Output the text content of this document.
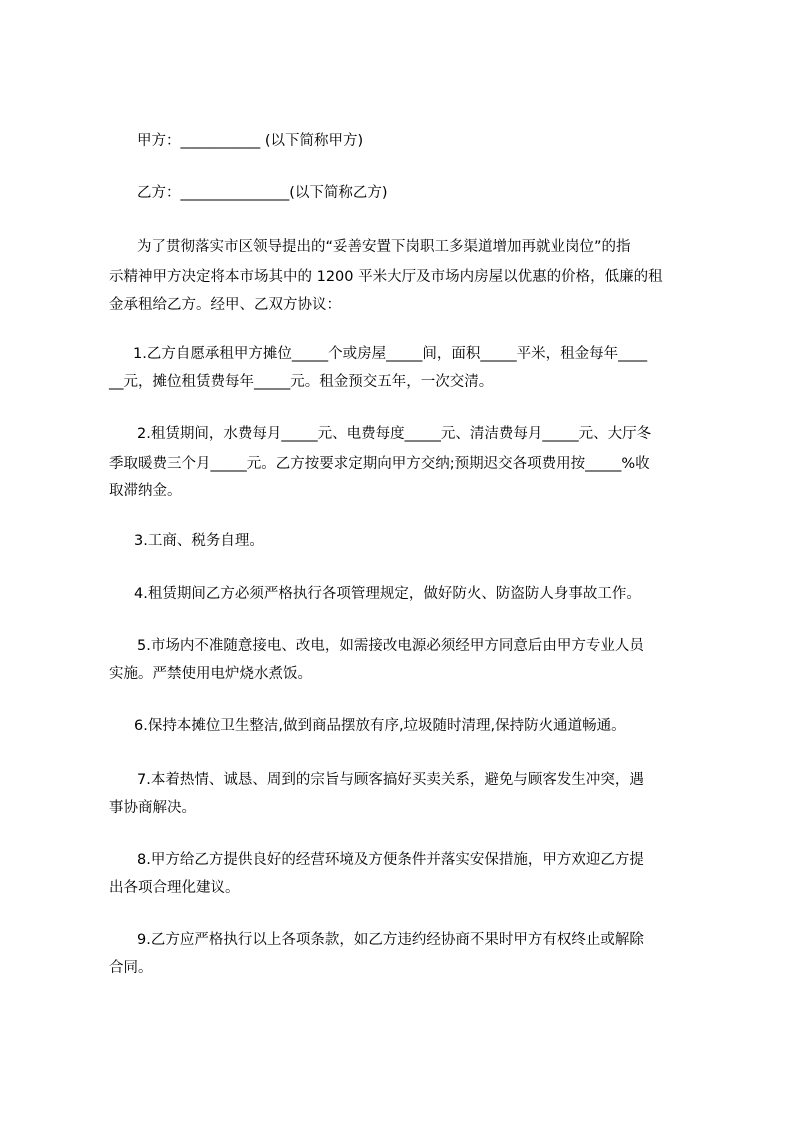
甲方：___________ (以下简称甲方)
乙方：_______________(以下简称乙方)
为了贯彻落实市区领导提出的“妥善安置下岗职工多渠道增加再就业岗位”的指
示精神甲方决定将本市场其中的 1200 平米大厅及市场内房屋以优惠的价格，低廉的租
金承租给乙方。经甲、乙双方协议：
1.乙方自愿承租甲方摊位_____个或房屋_____间，面积_____平米，租金每年____
__元，摊位租赁费每年_____元。租金预交五年，一次交清。
2.租赁期间，水费每月_____元、电费每度_____元、清洁费每月_____元、大厅冬
季取暖费三个月_____元。乙方按要求定期向甲方交纳;预期迟交各项费用按_____%收
取滞纳金。
3.工商、税务自理。
4.租赁期间乙方必须严格执行各项管理规定，做好防火、防盗防人身事故工作。
5.市场内不准随意接电、改电，如需接改电源必须经甲方同意后由甲方专业人员
实施。严禁使用电炉烧水煮饭。
6.保持本摊位卫生整洁,做到商品摆放有序,垃圾随时清理,保持防火通道畅通。
7.本着热情、诚恳、周到的宗旨与顾客搞好买卖关系，避免与顾客发生冲突，遇
事协商解决。
8.甲方给乙方提供良好的经营环境及方便条件并落实安保措施，甲方欢迎乙方提
出各项合理化建议。
9.乙方应严格执行以上各项条款，如乙方违约经协商不果时甲方有权终止或解除
合同。
